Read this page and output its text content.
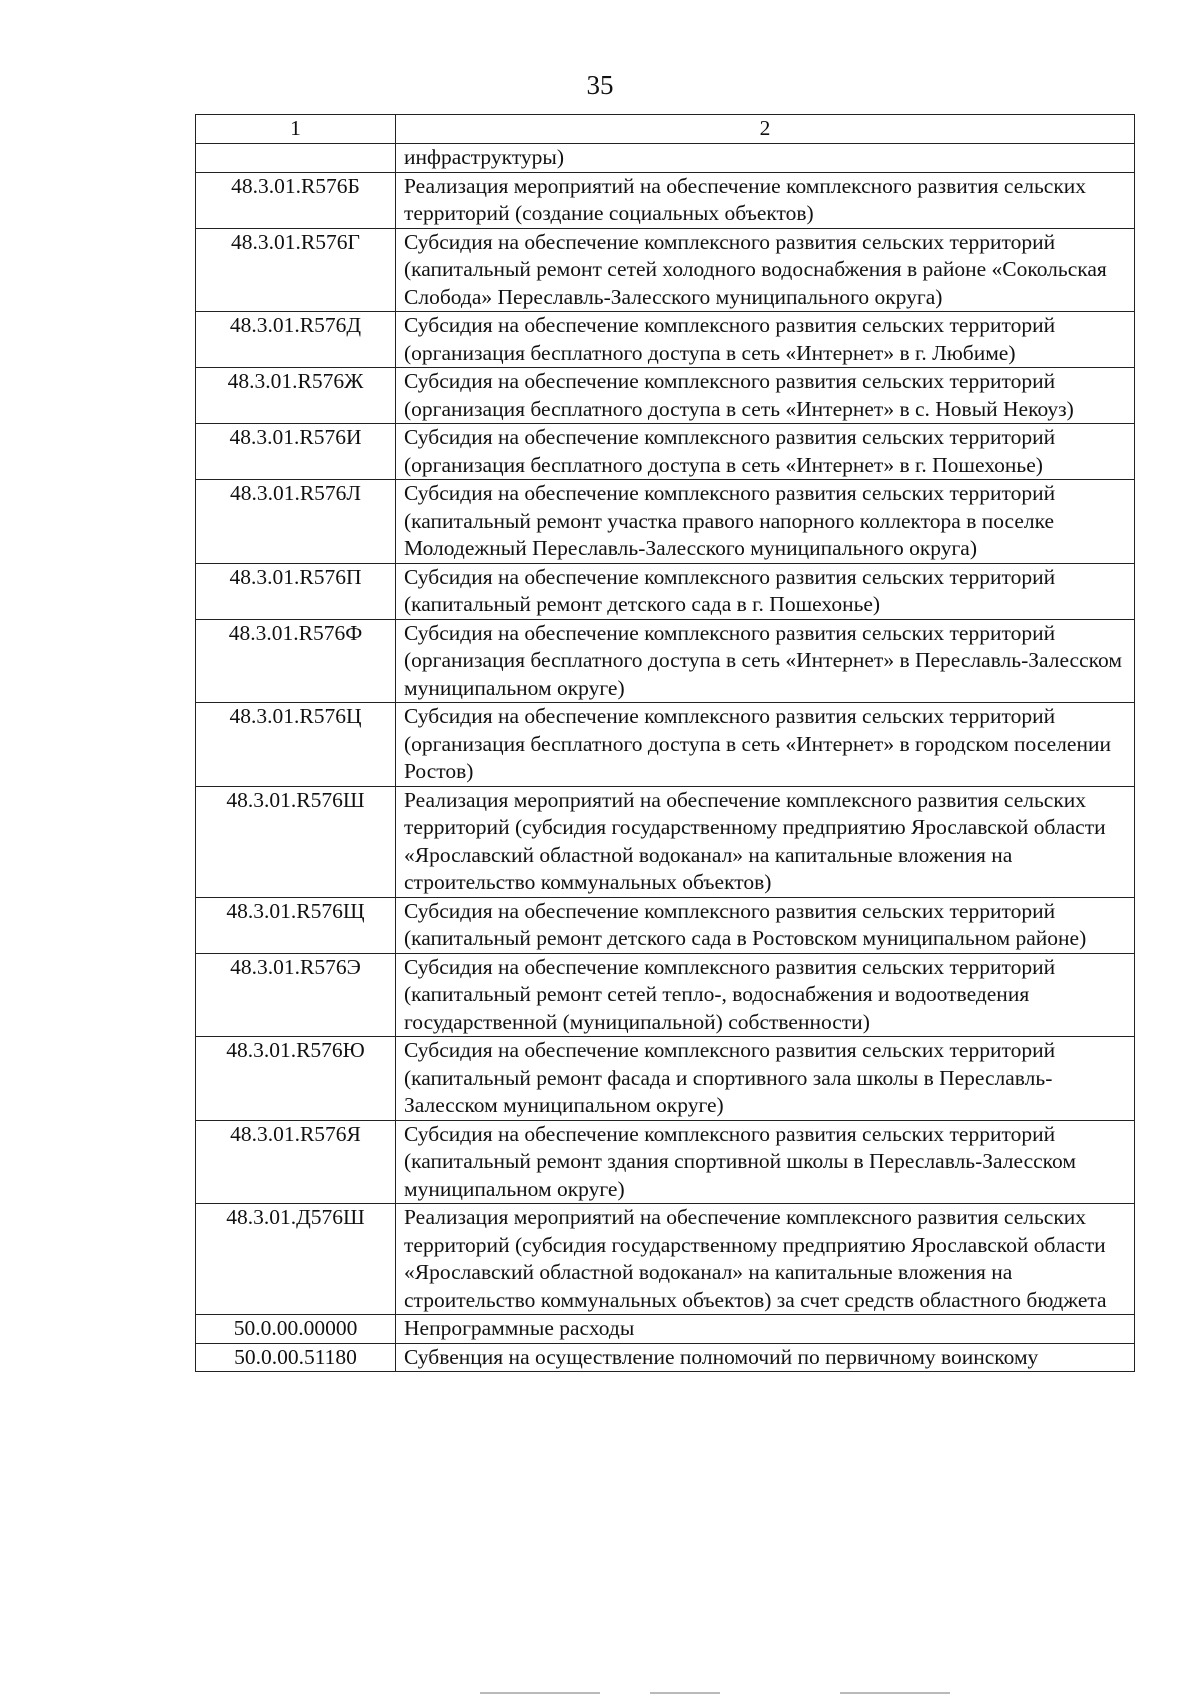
35
1	2
	инфраструктуры)
48.3.01.R576Б	Реализация мероприятий на обеспечение комплексного развития сельских территорий (создание социальных объектов)
48.3.01.R576Г	Субсидия на обеспечение комплексного развития сельских территорий (капитальный ремонт сетей холодного водоснабжения в районе «Сокольская Слобода» Переславль-Залесского муниципального округа)
48.3.01.R576Д	Субсидия на обеспечение комплексного развития сельских территорий (организация бесплатного доступа в сеть «Интернет» в г. Любиме)
48.3.01.R576Ж	Субсидия на обеспечение комплексного развития сельских территорий (организация бесплатного доступа в сеть «Интернет» в с. Новый Некоуз)
48.3.01.R576И	Субсидия на обеспечение комплексного развития сельских территорий (организация бесплатного доступа в сеть «Интернет» в г. Пошехонье)
48.3.01.R576Л	Субсидия на обеспечение комплексного развития сельских территорий (капитальный ремонт участка правого напорного коллектора в поселке Молодежный Переславль-Залесского муниципального округа)
48.3.01.R576П	Субсидия на обеспечение комплексного развития сельских территорий (капитальный ремонт детского сада в г. Пошехонье)
48.3.01.R576Ф	Субсидия на обеспечение комплексного развития сельских территорий (организация бесплатного доступа в сеть «Интернет» в Переславль-Залесском муниципальном округе)
48.3.01.R576Ц	Субсидия на обеспечение комплексного развития сельских территорий (организация бесплатного доступа в сеть «Интернет» в городском поселении Ростов)
48.3.01.R576Ш	Реализация мероприятий на обеспечение комплексного развития сельских территорий (субсидия государственному предприятию Ярославской области «Ярославский областной водоканал» на капитальные вложения на строительство коммунальных объектов)
48.3.01.R576Щ	Субсидия на обеспечение комплексного развития сельских территорий (капитальный ремонт детского сада в Ростовском муниципальном районе)
48.3.01.R576Э	Субсидия на обеспечение комплексного развития сельских территорий (капитальный ремонт сетей тепло-, водоснабжения и водоотведения государственной (муниципальной) собственности)
48.3.01.R576Ю	Субсидия на обеспечение комплексного развития сельских территорий (капитальный ремонт фасада и спортивного зала школы в Переславль-Залесском муниципальном округе)
48.3.01.R576Я	Субсидия на обеспечение комплексного развития сельских территорий (капитальный ремонт здания спортивной школы в Переславль-Залесском муниципальном округе)
48.3.01.Д576Ш	Реализация мероприятий на обеспечение комплексного развития сельских территорий (субсидия государственному предприятию Ярославской области «Ярославский областной водоканал» на капитальные вложения на строительство коммунальных объектов) за счет средств областного бюджета
50.0.00.00000	Непрограммные расходы
50.0.00.51180	Субвенция на осуществление полномочий по первичному воинскому
